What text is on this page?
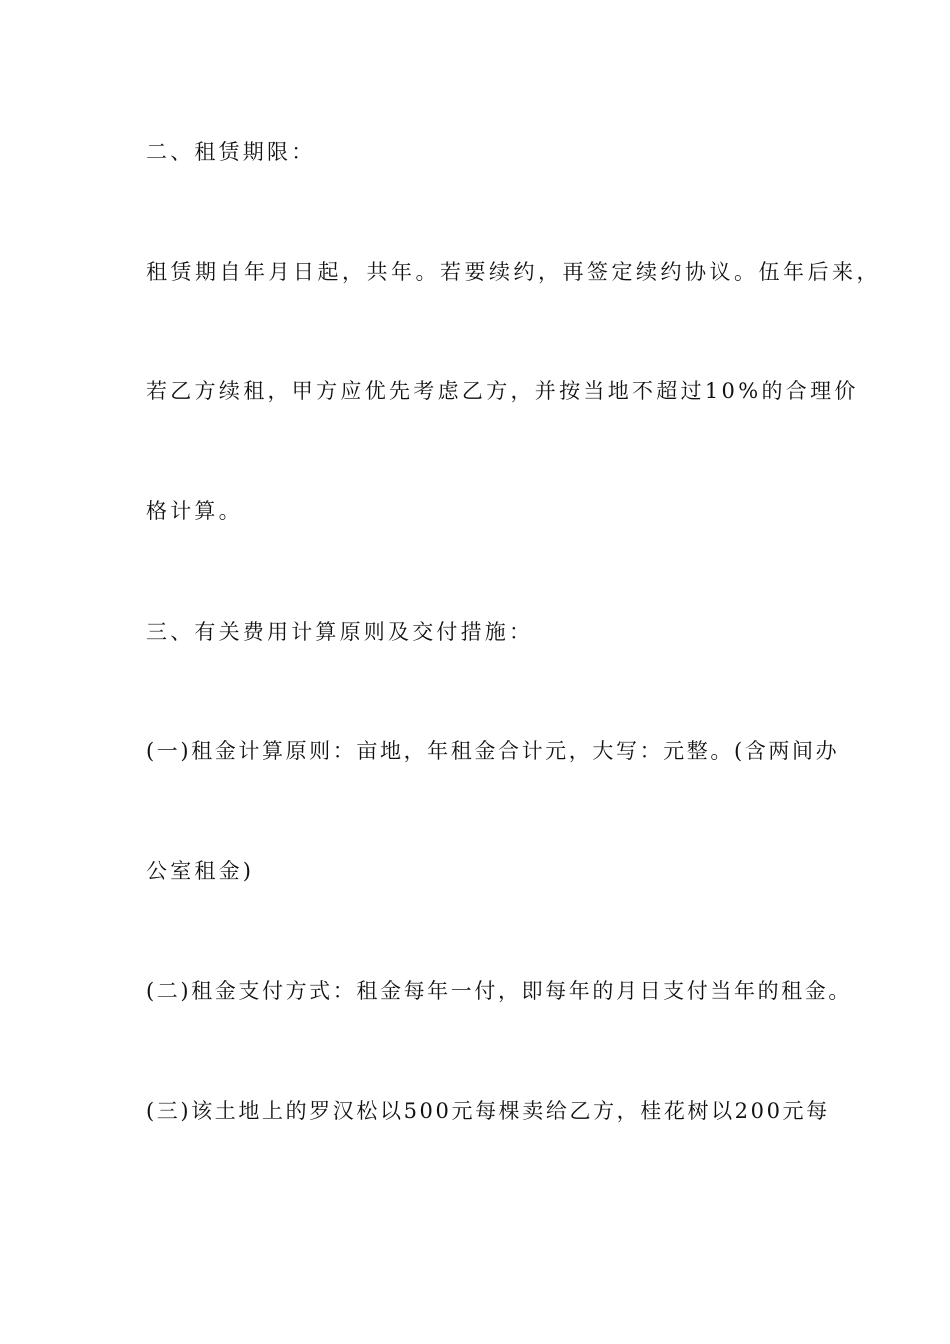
二、租赁期限：
租赁期自年月日起，共年。若要续约，再签定续约协议。伍年后来，
若乙方续租，甲方应优先考虑乙方，并按当地不超过10%的合理价
格计算。
三、有关费用计算原则及交付措施：
(一)租金计算原则：亩地，年租金合计元，大写：元整。(含两间办
公室租金)
(二)租金支付方式：租金每年一付，即每年的月日支付当年的租金。
(三)该土地上的罗汉松以500元每棵卖给乙方，桂花树以200元每
